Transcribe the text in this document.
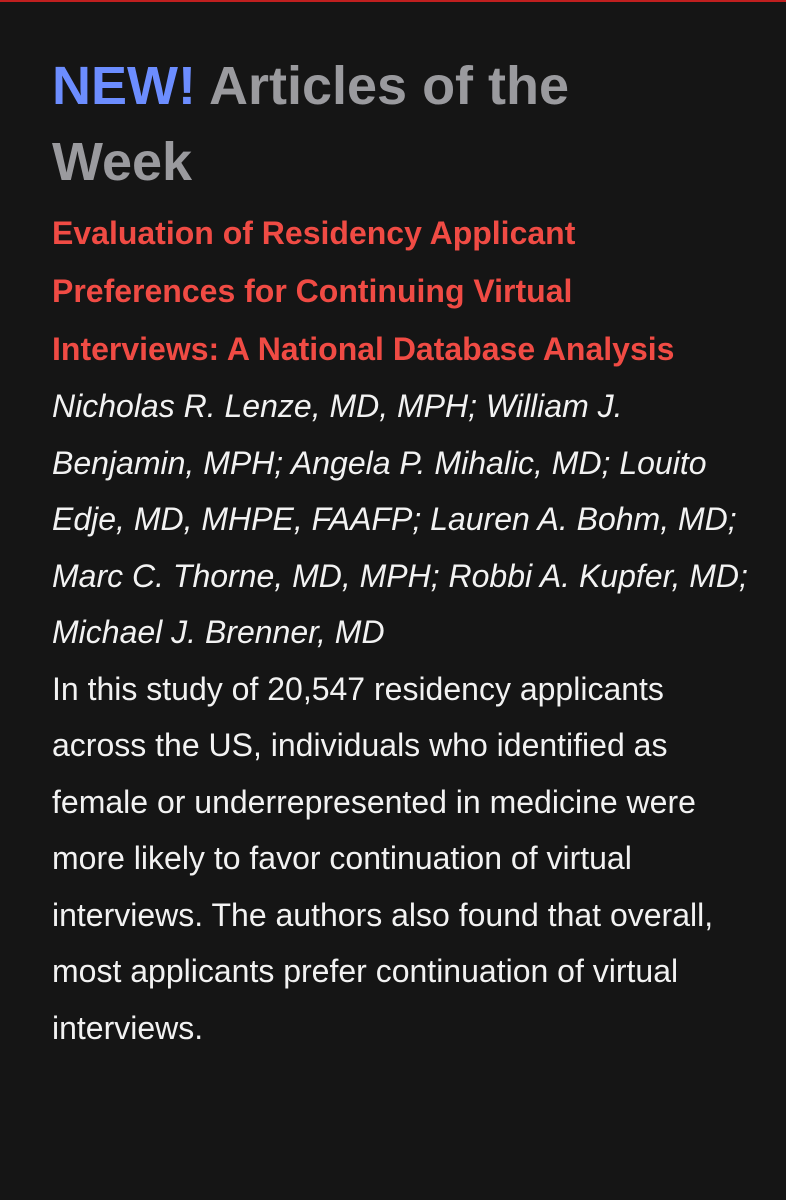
NEW! Articles of the Week
Evaluation of Residency Applicant Preferences for Continuing Virtual Interviews: A National Database Analysis

Nicholas R. Lenze, MD, MPH; William J. Benjamin, MPH; Angela P. Mihalic, MD; Louito Edje, MD, MHPE, FAAFP; Lauren A. Bohm, MD; Marc C. Thorne, MD, MPH; Robbi A. Kupfer, MD; Michael J. Brenner, MD

In this study of 20,547 residency applicants across the US, individuals who identified as female or underrepresented in medicine were more likely to favor continuation of virtual interviews. The authors also found that overall, most applicants prefer continuation of virtual interviews.
